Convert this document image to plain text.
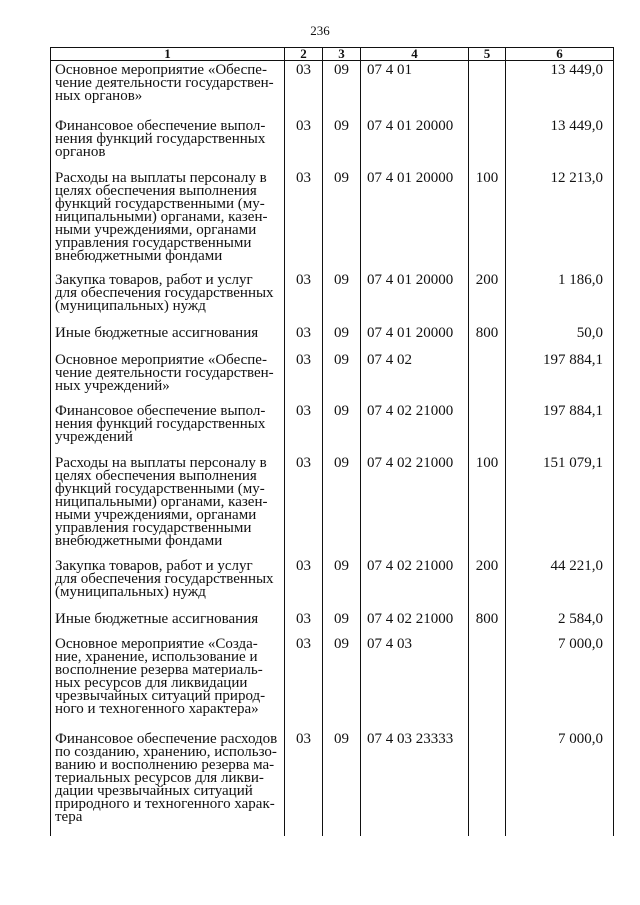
236
1	2	3	4	5	6
Основное мероприятие «Обеспе-чение деятельности государствен-ных органов»	03	09	07 4 01		13 449,0
Финансовое обеспечение выпол-нения функций государственных органов	03	09	07 4 01 20000		13 449,0
Расходы на выплаты персоналу в целях обеспечения выполнения функций государственными (му-ниципальными) органами, казен-ными учреждениями, органами управления государственными внебюджетными фондами	03	09	07 4 01 20000	100	12 213,0
Закупка товаров, работ и услуг для обеспечения государственных (муниципальных) нужд	03	09	07 4 01 20000	200	1 186,0
Иные бюджетные ассигнования	03	09	07 4 01 20000	800	50,0
Основное мероприятие «Обеспе-чение деятельности государствен-ных учреждений»	03	09	07 4 02		197 884,1
Финансовое обеспечение выпол-нения функций государственных учреждений	03	09	07 4 02 21000		197 884,1
Расходы на выплаты персоналу в целях обеспечения выполнения функций государственными (му-ниципальными) органами, казен-ными учреждениями, органами управления государственными внебюджетными фондами	03	09	07 4 02 21000	100	151 079,1
Закупка товаров, работ и услуг для обеспечения государственных (муниципальных) нужд	03	09	07 4 02 21000	200	44 221,0
Иные бюджетные ассигнования	03	09	07 4 02 21000	800	2 584,0
Основное мероприятие «Созда-ние, хранение, использование и восполнение резерва материаль-ных ресурсов для ликвидации чрезвычайных ситуаций природ-ного и техногенного характера»	03	09	07 4 03		7 000,0
Финансовое обеспечение расходов по созданию, хранению, использо-ванию и восполнению резерва ма-териальных ресурсов для ликви-дации чрезвычайных ситуаций природного и техногенного харак-тера	03	09	07 4 03 23333		7 000,0
